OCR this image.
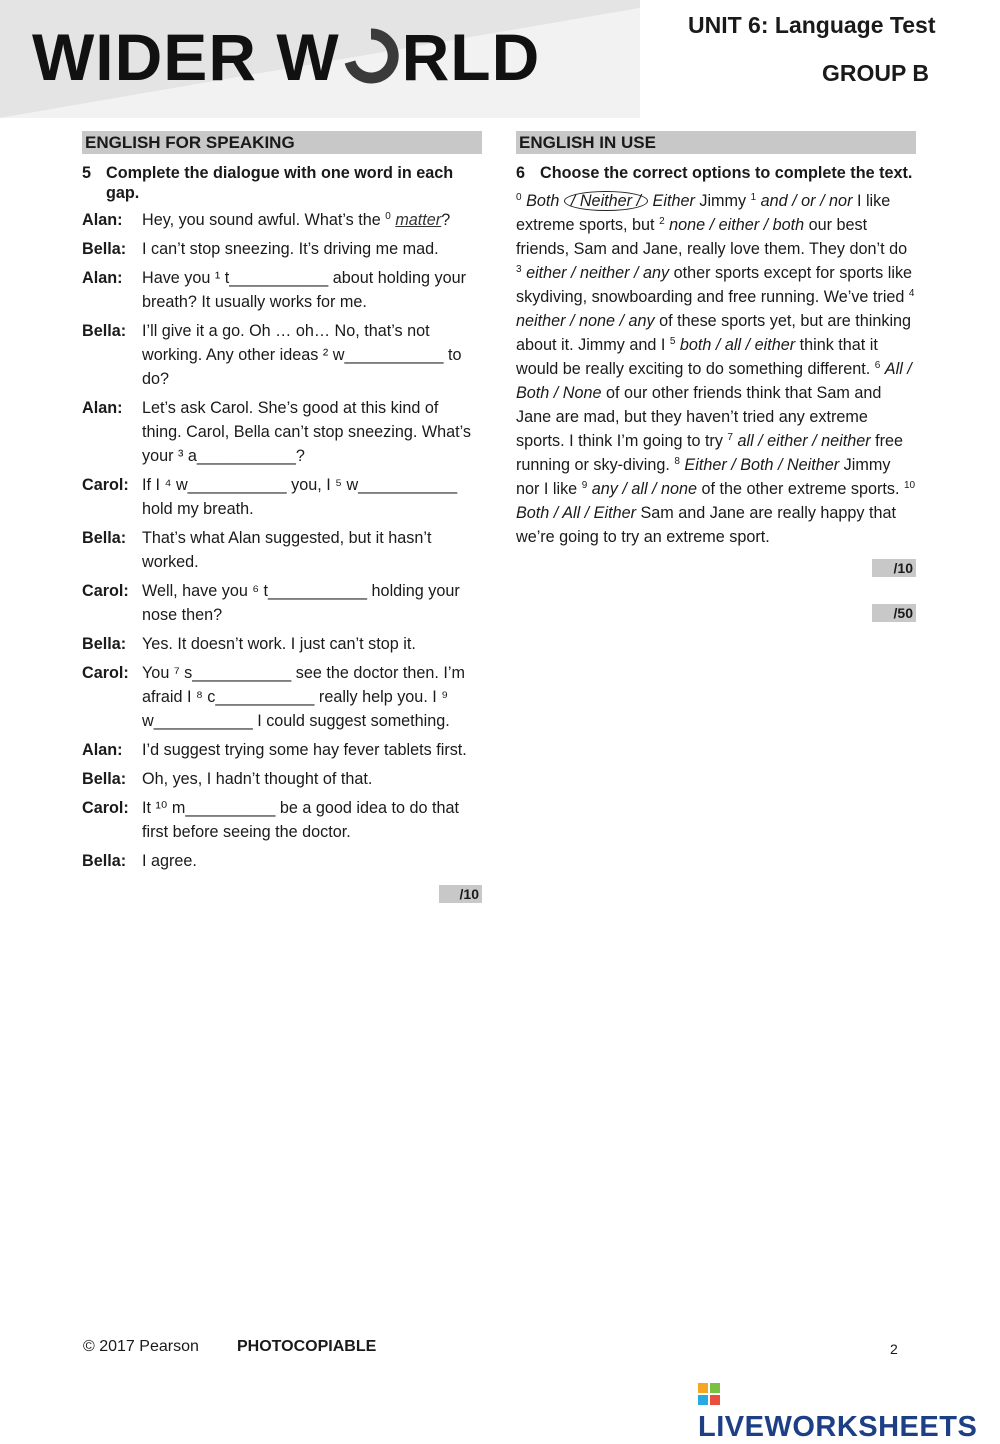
WIDER W RLD	UNIT 6: Language Test
GROUP B
ENGLISH FOR SPEAKING
5 Complete the dialogue with one word in each gap.
Alan:	Hey, you sound awful. What’s the $^0$ matter?
Bella: I can’t stop sneezing. It’s driving me mad.
Alan:	Have you ¹ t___________ about holding your breath? It usually works for me.
Bella: I’ll give it a go. Oh … oh… No, that’s not working. Any other ideas ² w___________ to do?
Alan:	Let’s ask Carol. She’s good at this kind of thing. Carol, Bella can’t stop sneezing. What’s your ³ a___________?
Carol: If I ⁴ w___________ you, I ⁵ w___________ hold my breath.
Bella: That’s what Alan suggested, but it hasn’t worked.
Carol: Well, have you ⁶ t___________ holding your nose then?
Bella: Yes. It doesn’t work. I just can’t stop it.
Carol: You ⁷ s___________ see the doctor then. I’m afraid I ⁸ c___________ really help you. I ⁹ w___________ I could suggest something.
Alan:	I’d suggest trying some hay fever tablets first.
Bella: Oh, yes, I hadn’t thought of that.
Carol: It ¹⁰ m__________ be a good idea to do that first before seeing the doctor.
Bella: I agree.
/10
ENGLISH IN USE
6 Choose the correct options to complete the text.
$^0$ Both / Neither / Either Jimmy $^1$ and / or / nor I like extreme sports, but $^2$ none / either / both our best friends, Sam and Jane, really love them. They don’t do $^3$ either / neither / any other sports except for sports like skydiving, snowboarding and free running. We’ve tried $^4$ neither / none / any of these sports yet, but are thinking about it. Jimmy and I $^5$ both / all / either think that it would be really exciting to do something different. $^6$ All / Both / None of our other friends think that Sam and Jane are mad, but they haven’t tried any extreme sports. I think I’m going to try $^7$ all / either / neither free running or sky-diving. $^8$ Either / Both / Neither Jimmy nor I like $^9$ any / all / none of the other extreme sports. $^{10}$ Both / All / Either Sam and Jane are really happy that we’re going to try an extreme sport.
/10
/50
© 2017 Pearson PHOTOCOPIABLE	2
LIVEWORKSHEETS
